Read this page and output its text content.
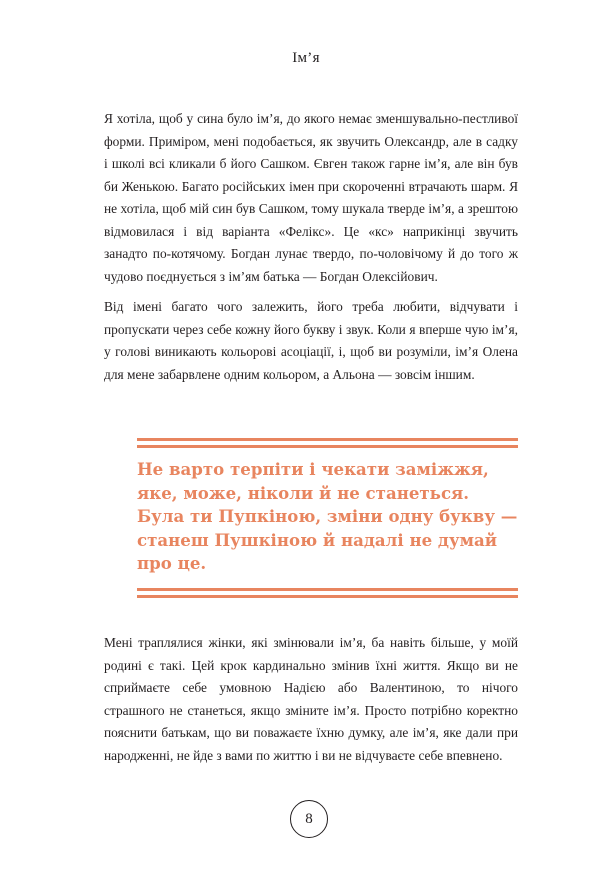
Ім’я

Я хотіла, щоб у сина було ім’я, до якого немає зменшувально-пестливої форми. Приміром, мені подобається, як звучить Олександр, але в садку і школі всі кликали б його Сашком. Євген також гарне ім’я, але він був би Женькою. Багато російських імен при скороченні втрачають шарм. Я не хотіла, щоб мій син був Сашком, тому шукала тверде ім’я, а зрештою відмовилася і від варіанта «Фелікс». Це «кс» наприкінці звучить занадто по-котячому. Богдан лунає твердо, по-чоловічому й до того ж чудово поєднується з ім’ям батька — Богдан Олексійович.

Від імені багато чого залежить, його треба любити, відчувати і пропускати через себе кожну його букву і звук. Коли я вперше чую ім’я, у голові виникають кольорові асоціації, і, щоб ви розуміли, ім’я Олена для мене забарвлене одним кольором, а Альона — зовсім іншим.

Не варто терпіти і чекати заміжжя, яке, може, ніколи й не станеться. Була ти Пупкіною, зміни одну букву — станеш Пушкіною й надалі не думай про це.

Мені траплялися жінки, які змінювали ім’я, ба навіть більше, у моїй родині є такі. Цей крок кардинально змінив їхні життя. Якщо ви не сприймаєте себе умовною Надією або Валентиною, то нічого страшного не станеться, якщо зміните ім’я. Просто потрібно коректно пояснити батькам, що ви поважаєте їхню думку, але ім’я, яке дали при народженні, не йде з вами по життю і ви не відчуваєте себе впевнено.

8
